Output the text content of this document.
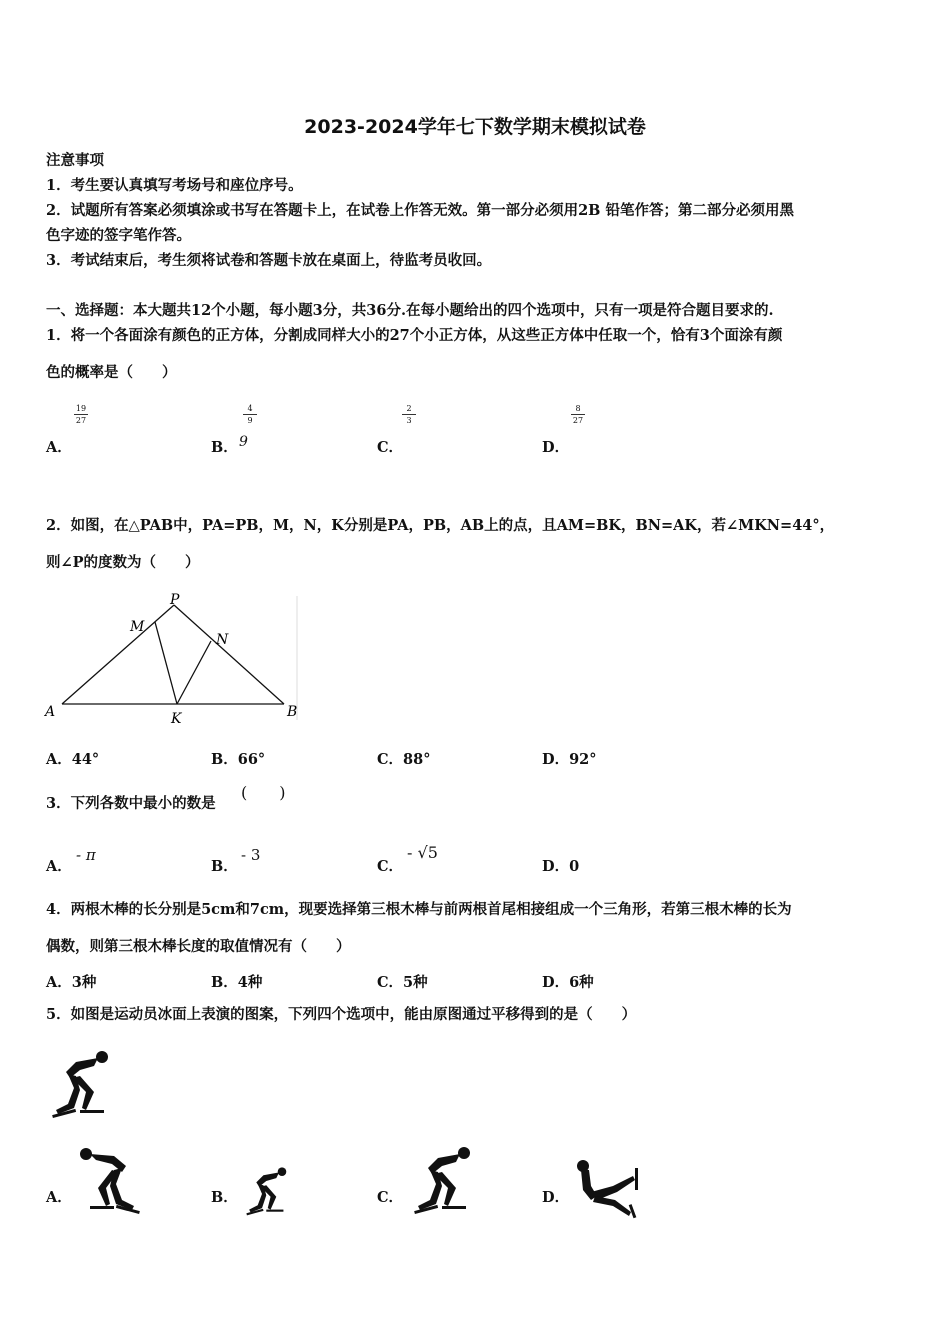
2023-2024学年七下数学期末模拟试卷
注意事项
1．考生要认真填写考场号和座位序号。
2．试题所有答案必须填涂或书写在答题卡上，在试卷上作答无效。第一部分必须用2B 铅笔作答；第二部分必须用黑
色字迹的签字笔作答。
3．考试结束后，考生须将试卷和答题卡放在桌面上，待监考员收回。
一、选择题：本大题共12个小题，每小题3分，共36分.在每小题给出的四个选项中，只有一项是符合题目要求的.
1．将一个各面涂有颜色的正方体，分割成同样大小的27个小正方体，从这些正方体中任取一个，恰有3个面涂有颜
色的概率是（　　）
A．
19
27
B．
4
9
9	C．
2
3
D．
8
27
2．如图，在△PAB中，PA=PB，M，N，K分别是PA，PB，AB上的点，且AM=BK，BN=AK，若∠MKN=44°，
则∠P的度数为（　　）
P
M
N
A	B
K
A．44°	B．66°	C．88°	D．92°
3．下列各数中最小的数是
(　　)
A．
- π
B．
- 3
C．
- √5
D．0
4．两根木棒的长分别是5cm和7cm，现要选择第三根木棒与前两根首尾相接组成一个三角形，若第三根木棒的长为
偶数，则第三根木棒长度的取值情况有（　　）
A．3种	B．4种	C．5种	D．6种
5．如图是运动员冰面上表演的图案，下列四个选项中，能由原图通过平移得到的是（　　）
A．	B．	C．	D．
